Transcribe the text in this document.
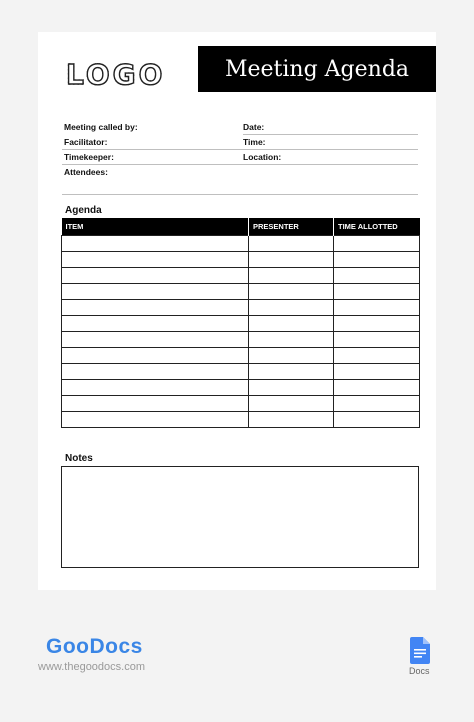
LOGO	Meeting Agenda
Meeting called by:	Date:
Facilitator:	Time:
Timekeeper:	Location:
Attendees:
Agenda
ITEM	PRESENTER	TIME ALLOTTED

Notes
GooDocs
www.thegoodocs.com	Docs
